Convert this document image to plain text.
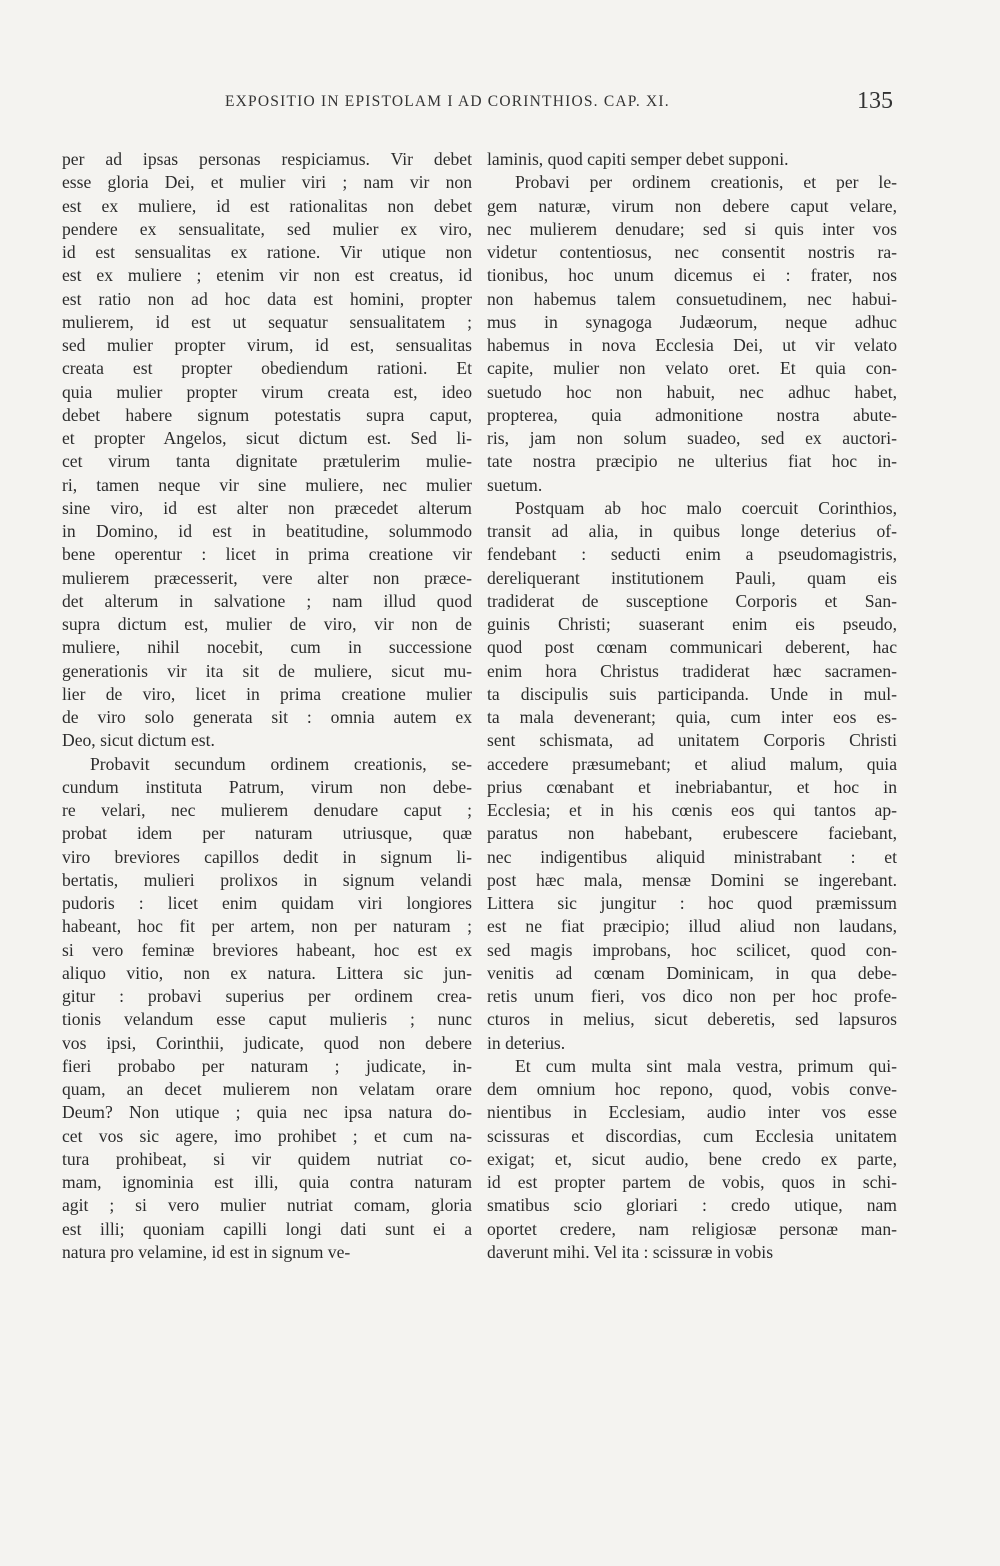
EXPOSITIO IN EPISTOLAM I AD CORINTHIOS. CAP. XI.	135
per ad ipsas personas respiciamus. Vir debet
esse gloria Dei, et mulier viri ; nam vir non
est ex muliere, id est rationalitas non debet
pendere ex sensualitate, sed mulier ex viro,
id est sensualitas ex ratione. Vir utique non
est ex muliere ; etenim vir non est creatus, id
est ratio non ad hoc data est homini, propter
mulierem, id est ut sequatur sensualitatem ;
sed mulier propter virum, id est, sensualitas
creata est propter obediendum rationi. Et
quia mulier propter virum creata est, ideo
debet habere signum potestatis supra caput,
et propter Angelos, sicut dictum est. Sed li-
cet virum tanta dignitate prætulerim mulie-
ri, tamen neque vir sine muliere, nec mulier
sine viro, id est alter non præcedet alterum
in Domino, id est in beatitudine, solummodo
bene operentur : licet in prima creatione vir
mulierem præcesserit, vere alter non præce-
det alterum in salvatione ; nam illud quod
supra dictum est, mulier de viro, vir non de
muliere, nihil nocebit, cum in successione
generationis vir ita sit de muliere, sicut mu-
lier de viro, licet in prima creatione mulier
de viro solo generata sit : omnia autem ex
Deo, sicut dictum est.
Probavit secundum ordinem creationis, se-
cundum instituta Patrum, virum non debe-
re velari, nec mulierem denudare caput ;
probat idem per naturam utriusque, quæ
viro breviores capillos dedit in signum li-
bertatis, mulieri prolixos in signum velandi
pudoris : licet enim quidam viri longiores
habeant, hoc fit per artem, non per naturam ;
si vero feminæ breviores habeant, hoc est ex
aliquo vitio, non ex natura. Littera sic jun-
gitur : probavi superius per ordinem crea-
tionis velandum esse caput mulieris ; nunc
vos ipsi, Corinthii, judicate, quod non debere
fieri probabo per naturam ; judicate, in-
quam, an decet mulierem non velatam orare
Deum? Non utique ; quia nec ipsa natura do-
cet vos sic agere, imo prohibet ; et cum na-
tura prohibeat, si vir quidem nutriat co-
mam, ignominia est illi, quia contra naturam
agit ; si vero mulier nutriat comam, gloria
est illi; quoniam capilli longi dati sunt ei a
natura pro velamine, id est in signum ve-
laminis, quod capiti semper debet supponi.
Probavi per ordinem creationis, et per le-
gem naturæ, virum non debere caput velare,
nec mulierem denudare; sed si quis inter vos
videtur contentiosus, nec consentit nostris ra-
tionibus, hoc unum dicemus ei : frater, nos
non habemus talem consuetudinem, nec habui-
mus in synagoga Judæorum, neque adhuc
habemus in nova Ecclesia Dei, ut vir velato
capite, mulier non velato oret. Et quia con-
suetudo hoc non habuit, nec adhuc habet,
propterea, quia admonitione nostra abute-
ris, jam non solum suadeo, sed ex auctori-
tate nostra præcipio ne ulterius fiat hoc in-
suetum.
Postquam ab hoc malo coercuit Corinthios,
transit ad alia, in quibus longe deterius of-
fendebant : seducti enim a pseudomagistris,
dereliquerant institutionem Pauli, quam eis
tradiderat de susceptione Corporis et San-
guinis Christi; suaserant enim eis pseudo,
quod post cœnam communicari deberent, hac
enim hora Christus tradiderat hæc sacramen-
ta discipulis suis participanda. Unde in mul-
ta mala devenerant; quia, cum inter eos es-
sent schismata, ad unitatem Corporis Christi
accedere præsumebant; et aliud malum, quia
prius cœnabant et inebriabantur, et hoc in
Ecclesia; et in his cœnis eos qui tantos ap-
paratus non habebant, erubescere faciebant,
nec indigentibus aliquid ministrabant : et
post hæc mala, mensæ Domini se ingerebant.
Littera sic jungitur : hoc quod præmissum
est ne fiat præcipio; illud aliud non laudans,
sed magis improbans, hoc scilicet, quod con-
venitis ad cœnam Dominicam, in qua debe-
retis unum fieri, vos dico non per hoc profe-
cturos in melius, sicut deberetis, sed lapsuros
in deterius.
Et cum multa sint mala vestra, primum qui-
dem omnium hoc repono, quod, vobis conve-
nientibus in Ecclesiam, audio inter vos esse
scissuras et discordias, cum Ecclesia unitatem
exigat; et, sicut audio, bene credo ex parte,
id est propter partem de vobis, quos in schi-
smatibus scio gloriari : credo utique, nam
oportet credere, nam religiosæ personæ man-
daverunt mihi. Vel ita : scissuræ in vobis
